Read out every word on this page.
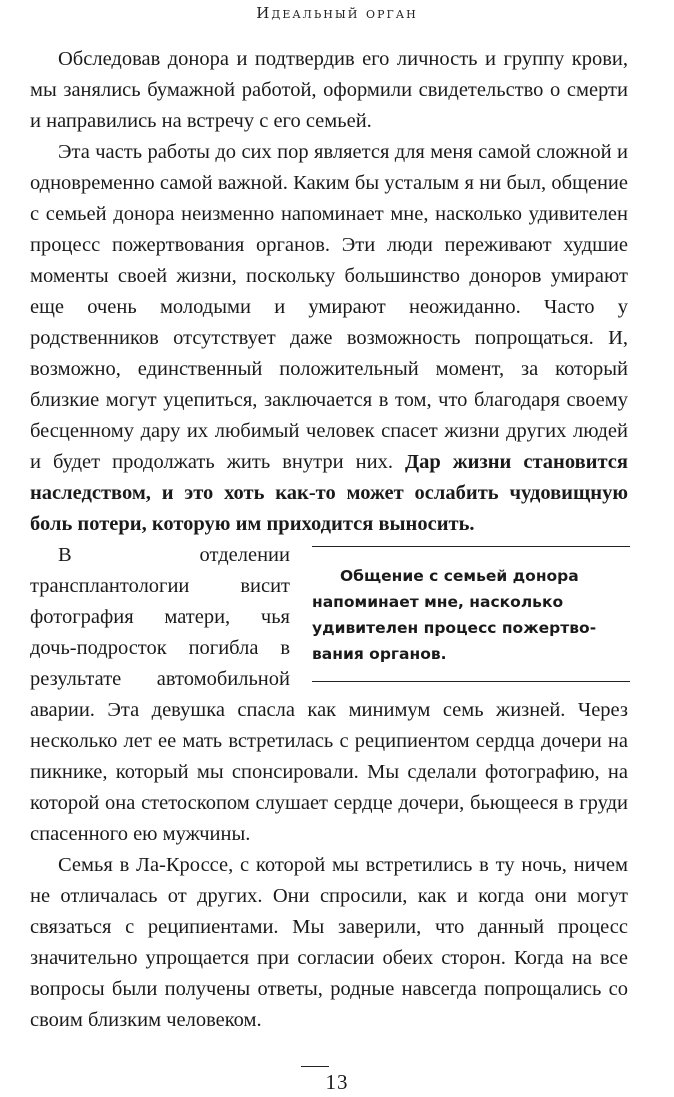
Идеальный орган

Обследовав донора и подтвердив его личность и группу крови, мы занялись бумажной работой, оформили свидетельство о смерти и направились на встречу с его семьей.

Эта часть работы до сих пор является для меня самой сложной и одновременно самой важной. Каким бы усталым я ни был, общение с семьей донора неизменно напоминает мне, насколько удивителен процесс пожертвования органов. Эти люди переживают худшие моменты своей жизни, поскольку большинство доноров умирают еще очень молодыми и умирают неожиданно. Часто у родственников отсутствует даже возможность попрощаться. И, возможно, единственный положительный момент, за который близкие могут уцепиться, заключается в том, что благодаря своему бесценному дару их любимый человек спасет жизни других людей и будет продолжать жить внутри них. Дар жизни становится наследством, и это хоть как-то может ослабить чудовищную боль потери, которую им приходится выносить.

Общение с семьей донора напоминает мне, насколько удивителен процесс пожертвования органов.
В отделении трансплантологии висит фотография матери, чья дочь-подросток погибла в результате автомобильной аварии. Эта девушка спасла как минимум семь жизней. Через несколько лет ее мать встретилась с реципиентом сердца дочери на пикнике, который мы спонсировали. Мы сделали фотографию, на которой она стетоскопом слушает сердце дочери, бьющееся в груди спасенного ею мужчины.

Семья в Ла-Кроссе, с которой мы встретились в ту ночь, ничем не отличалась от других. Они спросили, как и когда они могут связаться с реципиентами. Мы заверили, что данный процесс значительно упрощается при согласии обеих сторон. Когда на все вопросы были получены ответы, родные навсегда попрощались со своим близким человеком.

13
